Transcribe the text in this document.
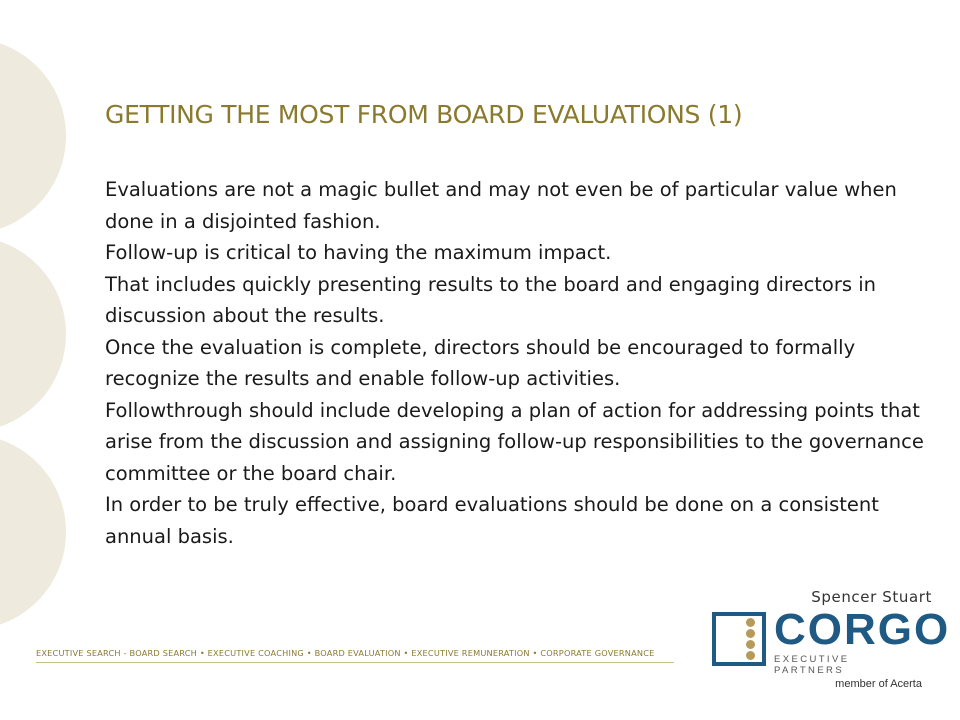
GETTING THE MOST FROM BOARD EVALUATIONS (1)

Evaluations are not a magic bullet and may not even be of particular value when done in a disjointed fashion.

Follow-up is critical to having the maximum impact.

That includes quickly presenting results to the board and engaging directors in discussion about the results.

Once the evaluation is complete, directors should be encouraged to formally recognize the results and enable follow-up activities.

Followthrough should include developing a plan of action for addressing points that arise from the discussion and assigning follow-up responsibilities to the governance committee or the board chair.

In order to be truly effective, board evaluations should be done on a consistent annual basis.

Spencer Stuart
EXECUTIVE SEARCH - BOARD SEARCH • EXECUTIVE COACHING • BOARD EVALUATION • EXECUTIVE REMUNERATION • CORPORATE GOVERNANCE	CORGO
EXECUTIVE PARTNERS
member of Acerta
